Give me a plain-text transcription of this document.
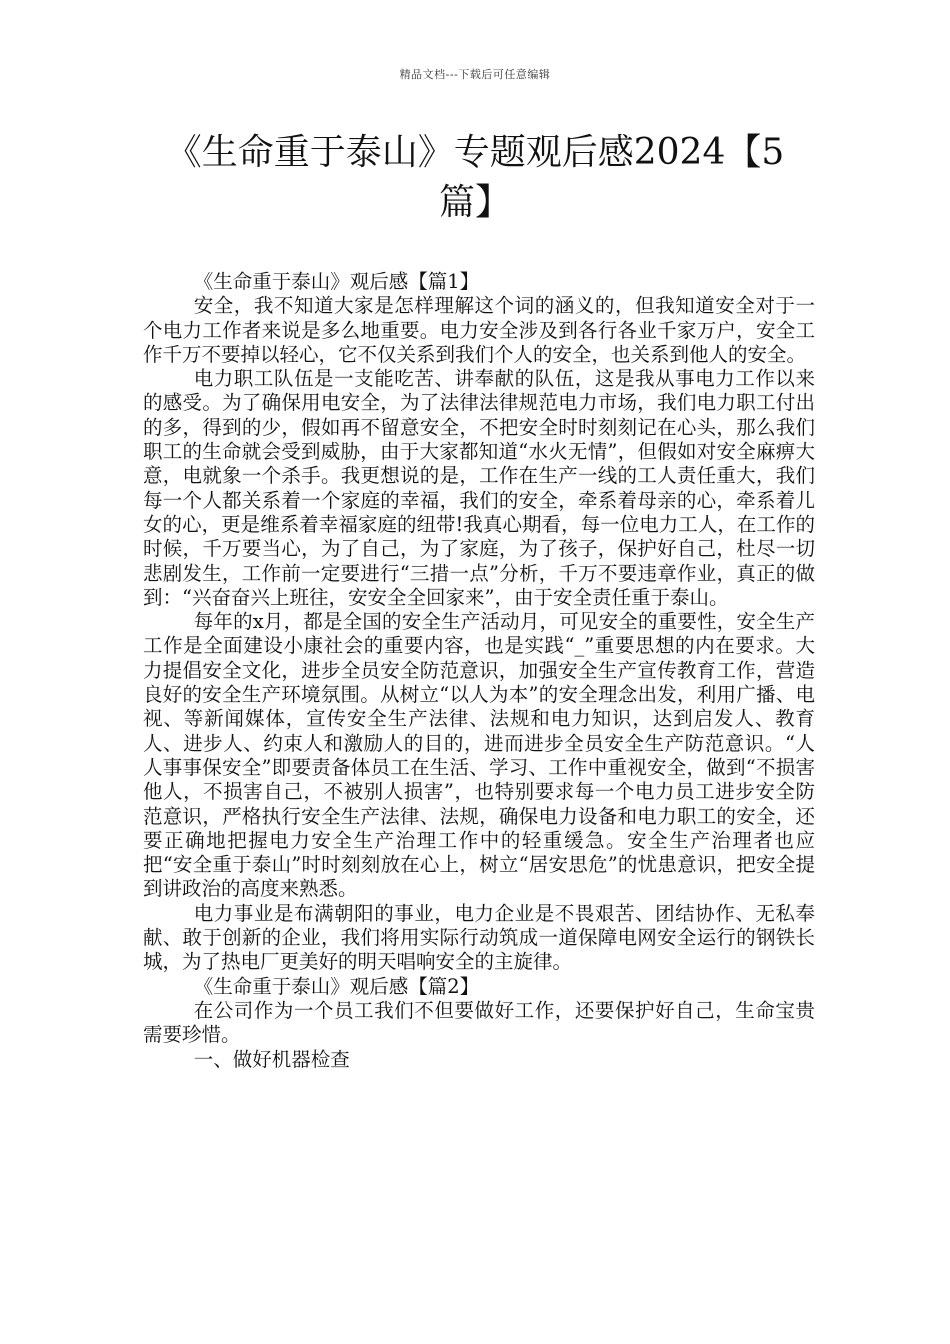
精品文档---下载后可任意编辑
《生命重于泰山》专题观后感2024【5篇】

《生命重于泰山》观后感【篇1】

安全，我不知道大家是怎样理解这个词的涵义的，但我知道安全对于一个电力工作者来说是多么地重要。电力安全涉及到各行各业千家万户，安全工作千万不要掉以轻心，它不仅关系到我们个人的安全，也关系到他人的安全。

电力职工队伍是一支能吃苦、讲奉献的队伍，这是我从事电力工作以来的感受。为了确保用电安全，为了法律法律规范电力市场，我们电力职工付出的多，得到的少，假如再不留意安全，不把安全时时刻刻记在心头，那么我们职工的生命就会受到威胁，由于大家都知道“水火无情”，但假如对安全麻痹大意，电就象一个杀手。我更想说的是，工作在生产一线的工人责任重大，我们每一个人都关系着一个家庭的幸福，我们的安全，牵系着母亲的心，牵系着儿女的心，更是维系着幸福家庭的纽带!我真心期看，每一位电力工人，在工作的时候，千万要当心，为了自己，为了家庭，为了孩子，保护好自己，杜尽一切悲剧发生，工作前一定要进行“三措一点”分析，千万不要违章作业，真正的做到：“兴奋奋兴上班往，安安全全回家来”，由于安全责任重于泰山。

每年的x月，都是全国的安全生产活动月，可见安全的重要性，安全生产工作是全面建设小康社会的重要内容，也是实践“_”重要思想的内在要求。大力提倡安全文化，进步全员安全防范意识，加强安全生产宣传教育工作，营造良好的安全生产环境氛围。从树立“以人为本”的安全理念出发，利用广播、电视、等新闻媒体，宣传安全生产法律、法规和电力知识，达到启发人、教育人、进步人、约束人和激励人的目的，进而进步全员安全生产防范意识。“人人事事保安全”即要责备体员工在生活、学习、工作中重视安全，做到“不损害他人，不损害自己，不被别人损害”，也特别要求每一个电力员工进步安全防范意识，严格执行安全生产法律、法规，确保电力设备和电力职工的安全，还要正确地把握电力安全生产治理工作中的轻重缓急。安全生产治理者也应把“安全重于泰山”时时刻刻放在心上，树立“居安思危”的忧患意识，把安全提到讲政治的高度来熟悉。

电力事业是布满朝阳的事业，电力企业是不畏艰苦、团结协作、无私奉献、敢于创新的企业，我们将用实际行动筑成一道保障电网安全运行的钢铁长城，为了热电厂更美好的明天唱响安全的主旋律。

《生命重于泰山》观后感【篇2】

在公司作为一个员工我们不但要做好工作，还要保护好自己，生命宝贵需要珍惜。

一、做好机器检查
